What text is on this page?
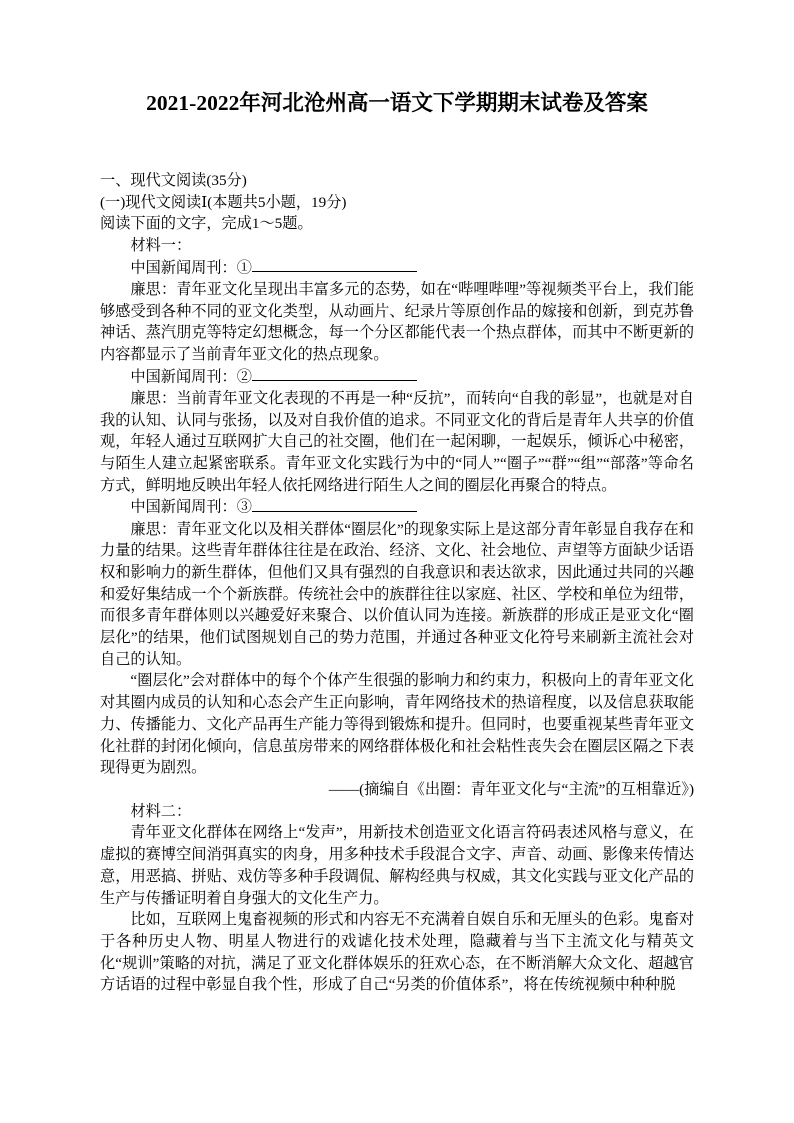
2021-2022年河北沧州高一语文下学期期末试卷及答案

一、现代文阅读(35分)

(一)现代文阅读Ⅰ(本题共5小题，19分)

阅读下面的文字，完成1～5题。

材料一：

中国新闻周刊：①

廉思：青年亚文化呈现出丰富多元的态势，如在“哔哩哔哩”等视频类平台上，我们能够感受到各种不同的亚文化类型，从动画片、纪录片等原创作品的嫁接和创新，到克苏鲁神话、蒸汽朋克等特定幻想概念，每一个分区都能代表一个热点群体，而其中不断更新的内容都显示了当前青年亚文化的热点现象。

中国新闻周刊：②

廉思：当前青年亚文化表现的不再是一种“反抗”，而转向“自我的彰显”，也就是对自我的认知、认同与张扬，以及对自我价值的追求。不同亚文化的背后是青年人共享的价值观，年轻人通过互联网扩大自己的社交圈，他们在一起闲聊，一起娱乐，倾诉心中秘密，与陌生人建立起紧密联系。青年亚文化实践行为中的“同人”“圈子”“群”“组”“部落”等命名方式，鲜明地反映出年轻人依托网络进行陌生人之间的圈层化再聚合的特点。

中国新闻周刊：③

廉思：青年亚文化以及相关群体“圈层化”的现象实际上是这部分青年彰显自我存在和力量的结果。这些青年群体往往是在政治、经济、文化、社会地位、声望等方面缺少话语权和影响力的新生群体，但他们又具有强烈的自我意识和表达欲求，因此通过共同的兴趣和爱好集结成一个个新族群。传统社会中的族群往往以家庭、社区、学校和单位为纽带，而很多青年群体则以兴趣爱好来聚合、以价值认同为连接。新族群的形成正是亚文化“圈层化”的结果，他们试图规划自己的势力范围，并通过各种亚文化符号来刷新主流社会对自己的认知。

“圈层化”会对群体中的每个个体产生很强的影响力和约束力，积极向上的青年亚文化对其圈内成员的认知和心态会产生正向影响，青年网络技术的热谙程度，以及信息获取能力、传播能力、文化产品再生产能力等得到锻炼和提升。但同时，也要重视某些青年亚文化社群的封闭化倾向，信息茧房带来的网络群体极化和社会粘性丧失会在圈层区隔之下表现得更为剧烈。

——(摘编自《出圈：青年亚文化与“主流”的互相靠近》)

材料二：

青年亚文化群体在网络上“发声”，用新技术创造亚文化语言符码表述风格与意义，在虚拟的赛博空间消弭真实的肉身，用多种技术手段混合文字、声音、动画、影像来传情达意，用恶搞、拼贴、戏仿等多种手段调侃、解构经典与权威，其文化实践与亚文化产品的生产与传播证明着自身强大的文化生产力。

比如，互联网上鬼畜视频的形式和内容无不充满着自娱自乐和无厘头的色彩。鬼畜对于各种历史人物、明星人物进行的戏谑化技术处理，隐藏着与当下主流文化与精英文化“规训”策略的对抗，满足了亚文化群体娱乐的狂欢心态，在不断消解大众文化、超越官方话语的过程中彰显自我个性，形成了自己“另类的价值体系”，将在传统视频中种种脱
